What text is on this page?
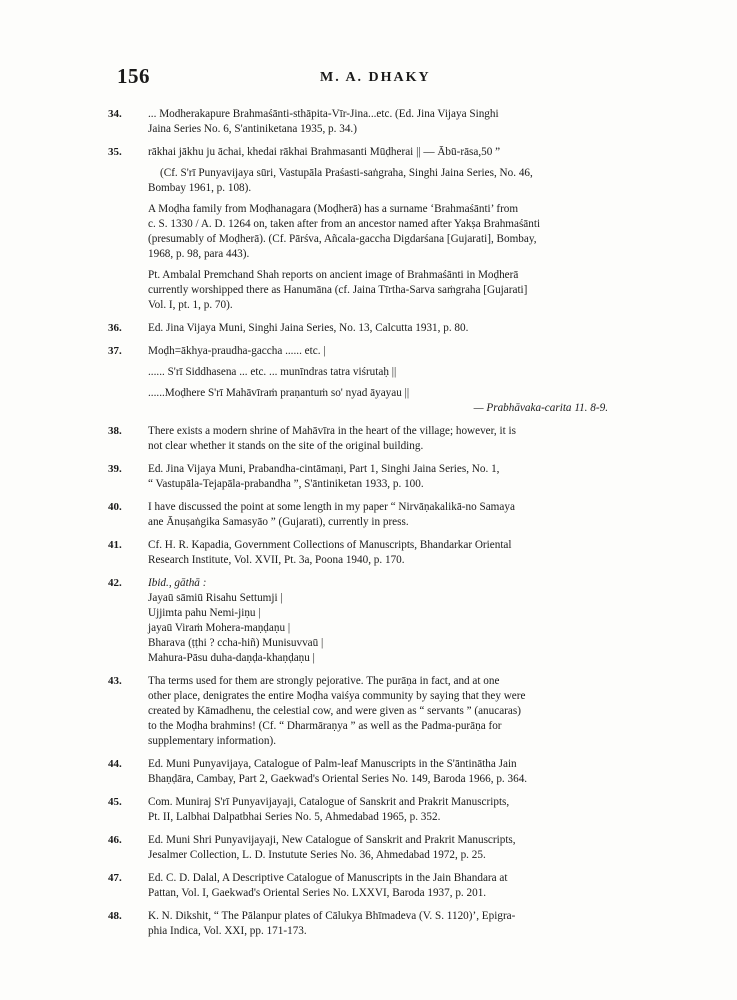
156	M. A. DHAKY
34. ... Modherakapure Brahmaśānti-sthāpita-Vīr-Jina...etc. (Ed. Jina Vijaya Singhi
Jaina Series No. 6, S'antiniketana 1935, p. 34.)
35. rākhai jākhu ju āchai, khedai rākhai Brahmasanti Mūḍherai || — Ābū-rāsa,50 ”
(Cf. S'rī Punyavijaya sūri, Vastupāla Praśasti-saṅgraha, Singhi Jaina Series, No. 46,
Bombay 1961, p. 108).
A Moḍha family from Moḍhanagara (Moḍherā) has a surname ‘Brahmaśānti’ from
c. S. 1330 / A. D. 1264 on, taken after from an ancestor named after Yakṣa Brahmaśānti
(presumably of Moḍherā). (Cf. Pārśva, Añcala-gaccha Digdarśana [Gujarati], Bombay,
1968, p. 98, para 443).
Pt. Ambalal Premchand Shah reports on ancient image of Brahmaśānti in Moḍherā
currently worshipped there as Hanumāna (cf. Jaina Tīrtha-Sarva saṁgraha [Gujarati]
Vol. I, pt. 1, p. 70).
36. Ed. Jina Vijaya Muni, Singhi Jaina Series, No. 13, Calcutta 1931, p. 80.
37. Moḍh=ākhya-praudha-gaccha ...... etc. |
...... S'rī Siddhasena ... etc. ... munīndras tatra viśrutaḥ ||
......Moḍhere S'rī Mahāvīraṁ praṇantuṁ so' nyad āyayau ||
— Prabhāvaka-carita 11. 8-9.
38. There exists a modern shrine of Mahāvīra in the heart of the village; however, it is
not clear whether it stands on the site of the original building.
39. Ed. Jina Vijaya Muni, Prabandha-cintāmaṇi, Part 1, Singhi Jaina Series, No. 1,
“ Vastupāla-Tejapāla-prabandha ”, S'āntiniketan 1933, p. 100.
40. I have discussed the point at some length in my paper “ Nirvāṇakalikā-no Samaya
ane Ānuṣaṅgika Samasyāo ” (Gujarati), currently in press.
41. Cf. H. R. Kapadia, Government Collections of Manuscripts, Bhandarkar Oriental
Research Institute, Vol. XVII, Pt. 3a, Poona 1940, p. 170.
42. Ibid., gāthā :
Jayaū sāmiū Risahu Settumji |
Ujjimta pahu Nemi-jiṇu |
jayaū Viraṁ Mohera-maṇḍaṇu |
Bharava (ṭṭhi ? ccha-hiñ) Munisuvvaū |
Mahura-Pāsu duha-daṇḍa-khaṇḍaṇu |
43. Tha terms used for them are strongly pejorative. The purāṇa in fact, and at one
other place, denigrates the entire Moḍha vaiśya community by saying that they were
created by Kāmadhenu, the celestial cow, and were given as “ servants ” (anucaras)
to the Moḍha brahmins! (Cf. “ Dharmāraṇya ” as well as the Padma-purāṇa for
supplementary information).
44. Ed. Muni Punyavijaya, Catalogue of Palm-leaf Manuscripts in the S'āntinātha Jain
Bhaṇḍāra, Cambay, Part 2, Gaekwad's Oriental Series No. 149, Baroda 1966, p. 364.
45. Com. Muniraj S'rī Punyavijayaji, Catalogue of Sanskrit and Prakrit Manuscripts,
Pt. II, Lalbhai Dalpatbhai Series No. 5, Ahmedabad 1965, p. 352.
46. Ed. Muni Shri Punyavijayaji, New Catalogue of Sanskrit and Prakrit Manuscripts,
Jesalmer Collection, L. D. Instutute Series No. 36, Ahmedabad 1972, p. 25.
47. Ed. C. D. Dalal, A Descriptive Catalogue of Manuscripts in the Jain Bhandara at
Pattan, Vol. I, Gaekwad's Oriental Series No. LXXVI, Baroda 1937, p. 201.
48. K. N. Dikshit, “ The Pālanpur plates of Cālukya Bhīmadeva (V. S. 1120)’, Epigra-
phia Indica, Vol. XXI, pp. 171-173.
